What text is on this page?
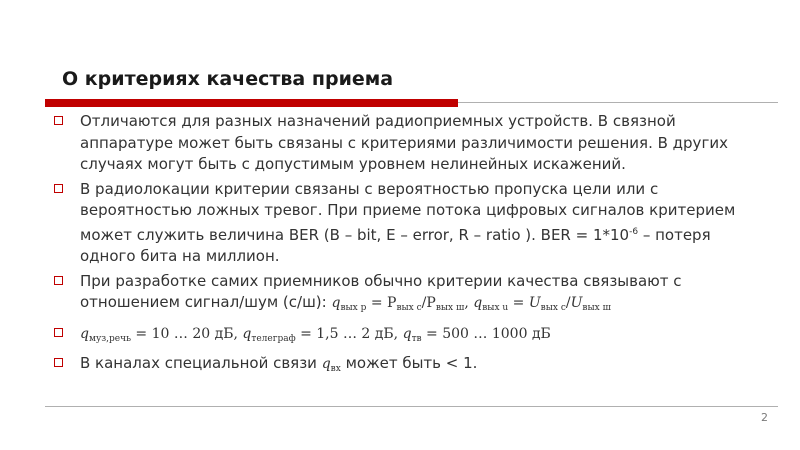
О критериях качества приема
Отличаются для разных назначений радиоприемных устройств. В связной аппаратуре может быть связаны с критериями различимости решения. В других случаях могут быть с допустимым уровнем нелинейных искажений.
В радиолокации критерии связаны с вероятностью пропуска цели или с вероятностью ложных тревог. При приеме потока цифровых сигналов критерием может служить величина BER (B – bit, E – error, R – ratio ). BER = $1*10^{-6}$ – потеря одного бита на миллион.
При разработке самих приемников обычно критерии качества связывают с отношением сигнал/шум (с/ш): $q_{вых р} = P_{вых с}/P_{вых ш}$, $q_{вых u} = U_{вых с}/U_{вых ш}$
$q_{муз,речь} = 10$ … 20 дБ, $q_{телеграф} = 1,5$ … 2 дБ, $q_{тв} = 500$ … 1000 дБ
В каналах специальной связи $q_{вх}$ может быть < 1.
2
